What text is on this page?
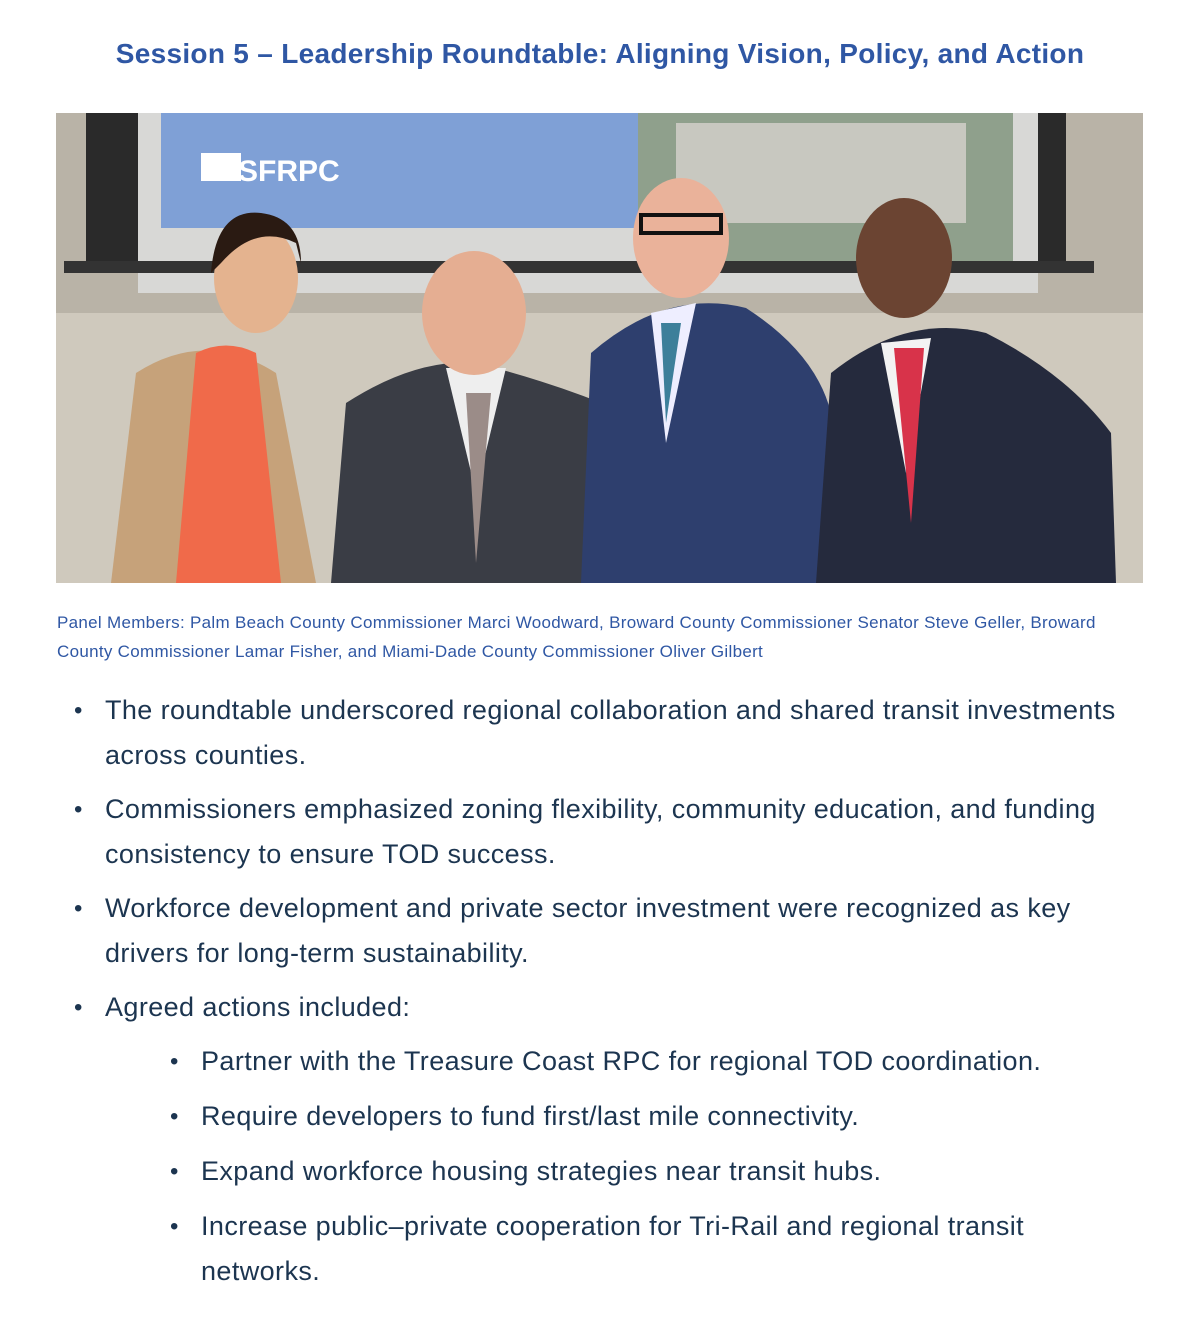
Session 5 – Leadership Roundtable: Aligning Vision, Policy, and Action
SFRPC
Panel Members: Palm Beach County Commissioner Marci Woodward, Broward County Commissioner Senator Steve Geller, Broward County Commissioner Lamar Fisher, and Miami-Dade County Commissioner Oliver Gilbert
• The roundtable underscored regional collaboration and shared transit investments across counties.
• Commissioners emphasized zoning flexibility, community education, and funding consistency to ensure TOD success.
• Workforce development and private sector investment were recognized as key drivers for long-term sustainability.
• Agreed actions included:
• Partner with the Treasure Coast RPC for regional TOD coordination.
• Require developers to fund first/last mile connectivity.
• Expand workforce housing strategies near transit hubs.
• Increase public–private cooperation for Tri-Rail and regional transit networks.
